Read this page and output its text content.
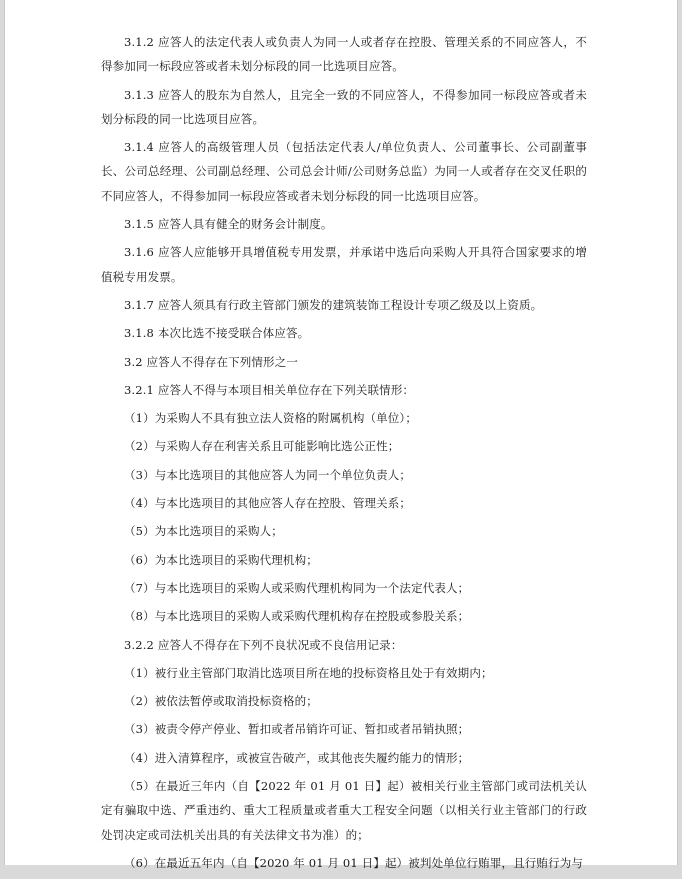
3.1.2 应答人的法定代表人或负责人为同一人或者存在控股、管理关系的不同应答人，不得参加同一标段应答或者未划分标段的同一比选项目应答。

3.1.3 应答人的股东为自然人，且完全一致的不同应答人，不得参加同一标段应答或者未划分标段的同一比选项目应答。

3.1.4 应答人的高级管理人员（包括法定代表人/单位负责人、公司董事长、公司副董事长、公司总经理、公司副总经理、公司总会计师/公司财务总监）为同一人或者存在交叉任职的不同应答人，不得参加同一标段应答或者未划分标段的同一比选项目应答。

3.1.5 应答人具有健全的财务会计制度。

3.1.6 应答人应能够开具增值税专用发票，并承诺中选后向采购人开具符合国家要求的增值税专用发票。

3.1.7 应答人须具有行政主管部门颁发的建筑装饰工程设计专项乙级及以上资质。

3.1.8 本次比选不接受联合体应答。

3.2 应答人不得存在下列情形之一

3.2.1 应答人不得与本项目相关单位存在下列关联情形：

（1）为采购人不具有独立法人资格的附属机构（单位）；

（2）与采购人存在利害关系且可能影响比选公正性；

（3）与本比选项目的其他应答人为同一个单位负责人；

（4）与本比选项目的其他应答人存在控股、管理关系；

（5）为本比选项目的采购人；

（6）为本比选项目的采购代理机构；

（7）与本比选项目的采购人或采购代理机构同为一个法定代表人；

（8）与本比选项目的采购人或采购代理机构存在控股或参股关系；

3.2.2 应答人不得存在下列不良状况或不良信用记录：

（1）被行业主管部门取消比选项目所在地的投标资格且处于有效期内；

（2）被依法暂停或取消投标资格的；

（3）被责令停产停业、暂扣或者吊销许可证、暂扣或者吊销执照；

（4）进入清算程序，或被宣告破产，或其他丧失履约能力的情形；

（5）在最近三年内（自【2022 年 01 月 01 日】起）被相关行业主管部门或司法机关认定有骗取中选、严重违约、重大工程质量或者重大工程安全问题（以相关行业主管部门的行政处罚决定或司法机关出具的有关法律文书为准）的；

（6）在最近五年内（自【2020 年 01 月 01 日】起）被判处单位行贿罪，且行贿行为与
